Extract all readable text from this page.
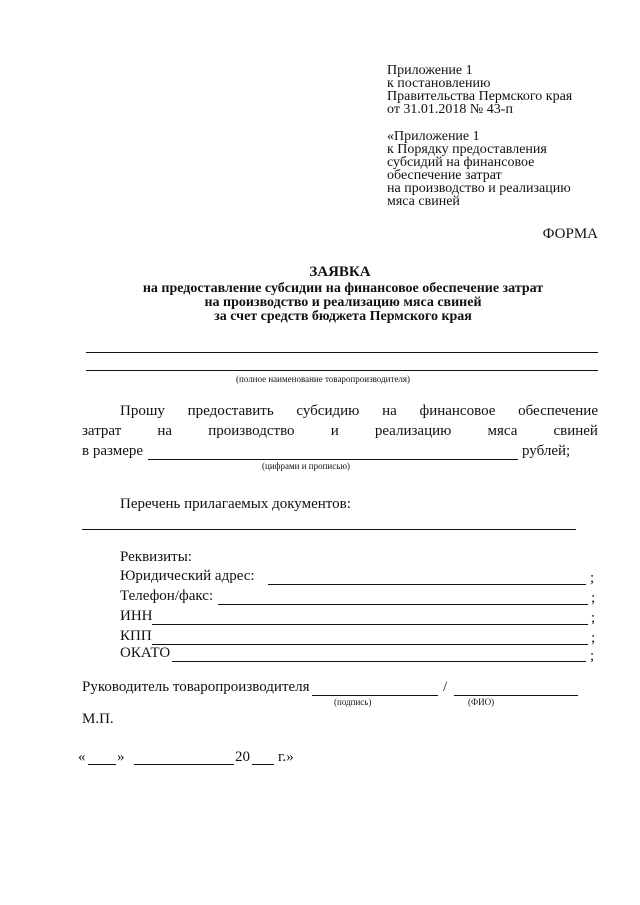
Приложение 1
к постановлению
Правительства Пермского края
от 31.01.2018 № 43-п
«Приложение 1
к Порядку предоставления
субсидий на финансовое
обеспечение затрат
на производство и реализацию
мяса свиней
ФОРМА
ЗАЯВКА
на предоставление субсидии на финансовое обеспечение затрат
на производство и реализацию мяса свиней
за счет средств бюджета Пермского края
(полное наименование товаропроизводителя)
Прошу предоставить субсидию на финансовое обеспечение
затрат на производство и реализацию мяса свиней
в размере	рублей;
(цифрами и прописью)
Перечень прилагаемых документов:
Реквизиты:
Юридический адрес:	;
Телефон/факс:	;
ИНН	;
КПП	;
ОКАТО	;
Руководитель товаропроизводителя	/
(подпись)	(ФИО)
М.П.
« »	20 г.»
